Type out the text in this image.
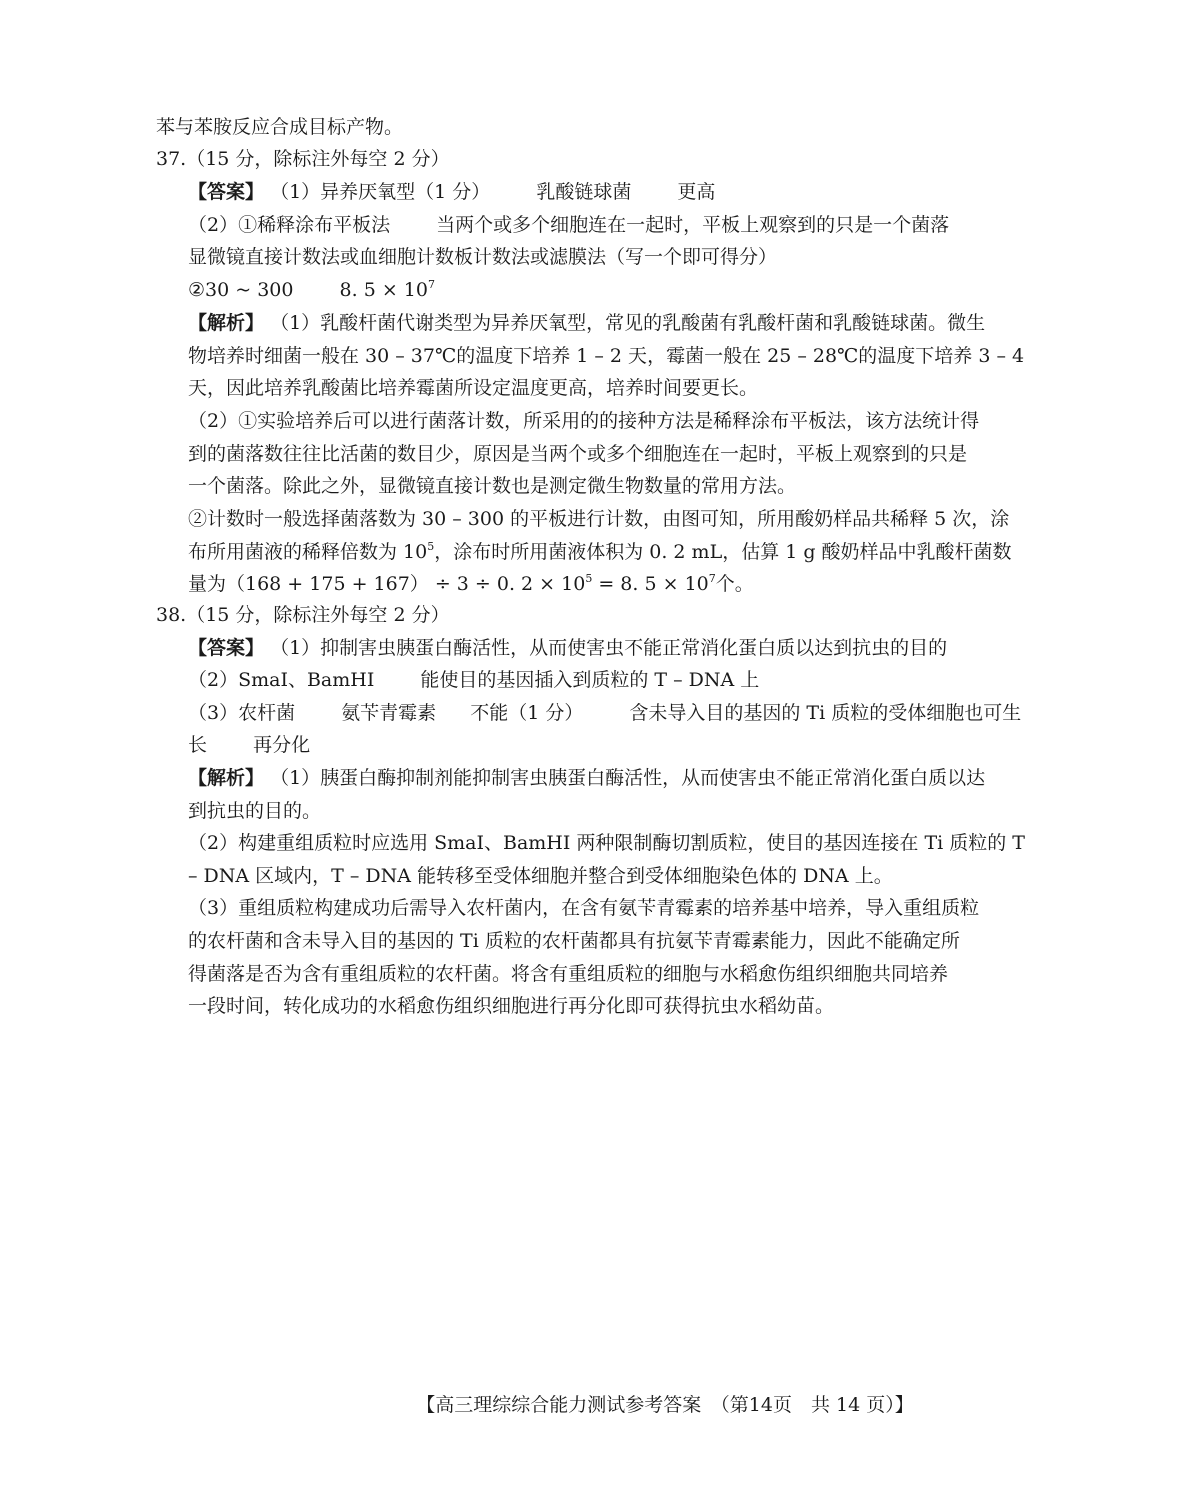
苯与苯胺反应合成目标产物。
37.（15 分，除标注外每空 2 分）
【答案】 （1）异养厌氧型（1 分） 乳酸链球菌 更高
（2）①稀释涂布平板法 当两个或多个细胞连在一起时，平板上观察到的只是一个菌落
显微镜直接计数法或血细胞计数板计数法或滤膜法（写一个即可得分）
②30 ~ 300 8. $5 \times 10^7$
【解析】 （1）乳酸杆菌代谢类型为异养厌氧型，常见的乳酸菌有乳酸杆菌和乳酸链球菌。微生
物培养时细菌一般在 30 – 37℃的温度下培养 1 – 2 天，霉菌一般在 25 – 28℃的温度下培养 3 – 4
天，因此培养乳酸菌比培养霉菌所设定温度更高，培养时间要更长。
（2）①实验培养后可以进行菌落计数，所采用的的接种方法是稀释涂布平板法，该方法统计得
到的菌落数往往比活菌的数目少，原因是当两个或多个细胞连在一起时，平板上观察到的只是
一个菌落。除此之外，显微镜直接计数也是测定微生物数量的常用方法。
②计数时一般选择菌落数为 30 – 300 的平板进行计数，由图可知，所用酸奶样品共稀释 5 次，涂
布所用菌液的稀释倍数为 $10^5$，涂布时所用菌液体积为 0. 2 mL，估算 1 g 酸奶样品中乳酸杆菌数
量为（168 + 175 + 167） ÷ 3 ÷ 0. $2 \times 10^5 = 8$. $5 \times 10^7$个。
38.（15 分，除标注外每空 2 分）
【答案】 （1）抑制害虫胰蛋白酶活性，从而使害虫不能正常消化蛋白质以达到抗虫的目的
（2）SmaI、BamHI 能使目的基因插入到质粒的 T – DNA 上
（3）农杆菌 氨苄青霉素 不能（1 分） 含未导入目的基因的 Ti 质粒的受体细胞也可生
长 再分化
【解析】 （1）胰蛋白酶抑制剂能抑制害虫胰蛋白酶活性，从而使害虫不能正常消化蛋白质以达
到抗虫的目的。
（2）构建重组质粒时应选用 SmaI、BamHI 两种限制酶切割质粒，使目的基因连接在 Ti 质粒的 T
– DNA 区域内，T – DNA 能转移至受体细胞并整合到受体细胞染色体的 DNA 上。
（3）重组质粒构建成功后需导入农杆菌内，在含有氨苄青霉素的培养基中培养，导入重组质粒
的农杆菌和含未导入目的基因的 Ti 质粒的农杆菌都具有抗氨苄青霉素能力，因此不能确定所
得菌落是否为含有重组质粒的农杆菌。将含有重组质粒的细胞与水稻愈伤组织细胞共同培养
一段时间，转化成功的水稻愈伤组织细胞进行再分化即可获得抗虫水稻幼苗。
【高三理综综合能力测试参考答案　（第14页　共 14 页）】
